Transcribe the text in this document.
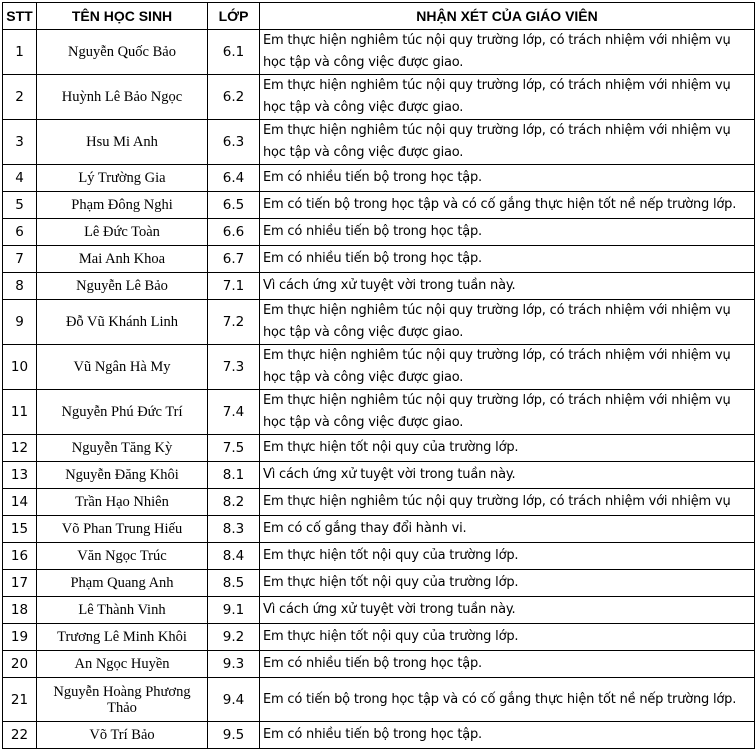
STT	TÊN HỌC SINH	LỚP	NHẬN XÉT CỦA GIÁO VIÊN
1	Nguyễn Quốc Bảo	6.1	Em thực hiện nghiêm túc nội quy trường lớp, có trách nhiệm với nhiệm vụ
học tập và công việc được giao.

2	Huỳnh Lê Bảo Ngọc	6.2	Em thực hiện nghiêm túc nội quy trường lớp, có trách nhiệm với nhiệm vụ
học tập và công việc được giao.

3	Hsu Mi Anh	6.3	Em thực hiện nghiêm túc nội quy trường lớp, có trách nhiệm với nhiệm vụ
học tập và công việc được giao.

4	Lý Trường Gia	6.4	Em có nhiều tiến bộ trong học tập.

5	Phạm Đông Nghi	6.5	Em có tiến bộ trong học tập và có cố gắng thực hiện tốt nề nếp trường lớp.

6	Lê Đức Toàn	6.6	Em có nhiều tiến bộ trong học tập.

7	Mai Anh Khoa	6.7	Em có nhiều tiến bộ trong học tập.

8	Nguyễn Lê Bảo	7.1	Vì cách ứng xử tuyệt vời trong tuần này.

9	Đỗ Vũ Khánh Linh	7.2	Em thực hiện nghiêm túc nội quy trường lớp, có trách nhiệm với nhiệm vụ
học tập và công việc được giao.

10	Vũ Ngân Hà My	7.3	Em thực hiện nghiêm túc nội quy trường lớp, có trách nhiệm với nhiệm vụ
học tập và công việc được giao.

11	Nguyễn Phú Đức Trí	7.4	Em thực hiện nghiêm túc nội quy trường lớp, có trách nhiệm với nhiệm vụ
học tập và công việc được giao.

12	Nguyễn Tăng Kỳ	7.5	Em thực hiện tốt nội quy của trường lớp.

13	Nguyễn Đăng Khôi	8.1	Vì cách ứng xử tuyệt vời trong tuần này.

14	Trần Hạo Nhiên	8.2	Em thực hiện nghiêm túc nội quy trường lớp, có trách nhiệm với nhiệm vụ

15	Võ Phan Trung Hiếu	8.3	Em có cố gắng thay đổi hành vi.

16	Văn Ngọc Trúc	8.4	Em thực hiện tốt nội quy của trường lớp.

17	Phạm Quang Anh	8.5	Em thực hiện tốt nội quy của trường lớp.

18	Lê Thành Vinh	9.1	Vì cách ứng xử tuyệt vời trong tuần này.

19	Trương Lê Minh Khôi	9.2	Em thực hiện tốt nội quy của trường lớp.

20	An Ngọc Huyền	9.3	Em có nhiều tiến bộ trong học tập.

21	Nguyễn Hoàng Phương Thảo	9.4	Em có tiến bộ trong học tập và có cố gắng thực hiện tốt nề nếp trường lớp.

22	Võ Trí Bảo	9.5	Em có nhiều tiến bộ trong học tập.
